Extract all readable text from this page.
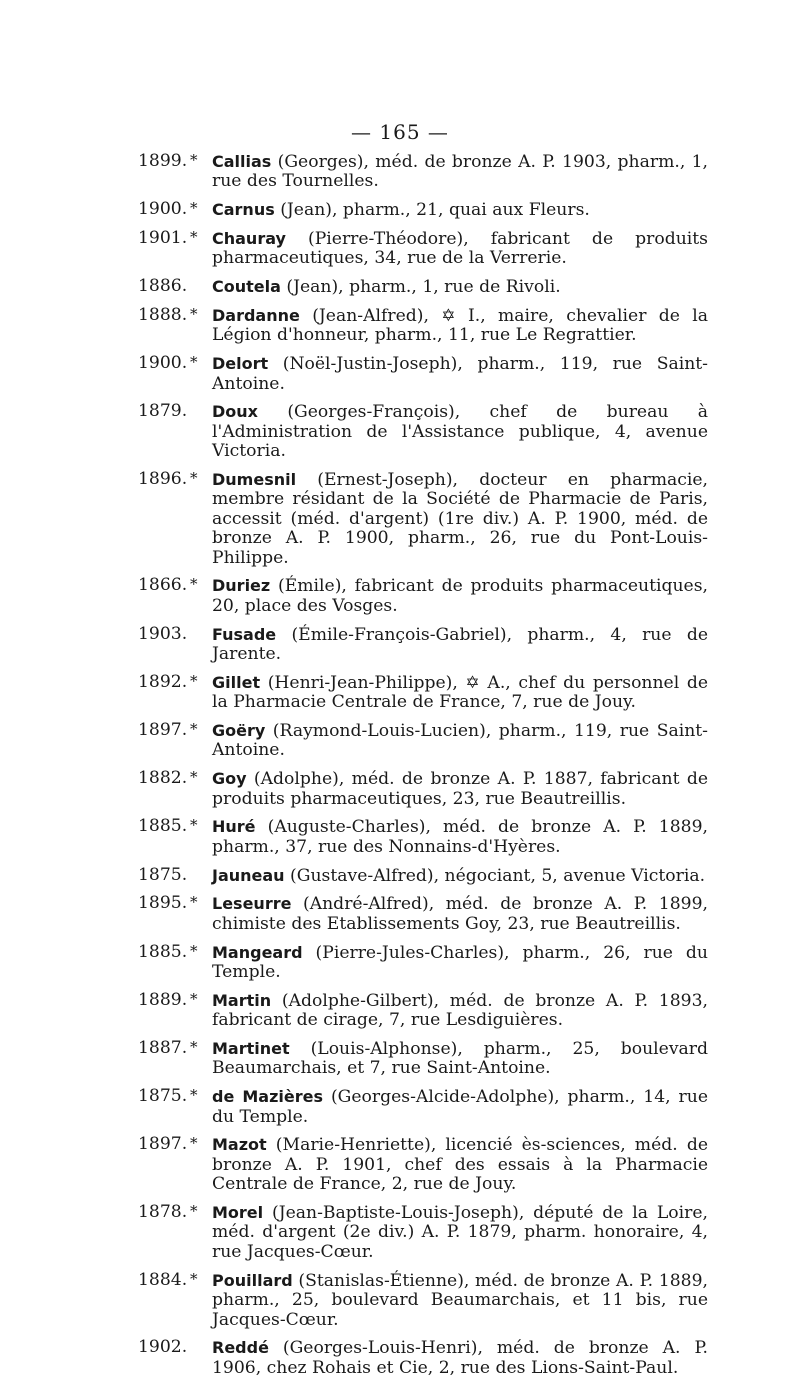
— 165 —
1899. * Callias (Georges), méd. de bronze A. P. 1903, pharm., 1, rue des Tournelles.
1900. * Carnus (Jean), pharm., 21, quai aux Fleurs.
1901. * Chauray (Pierre-Théodore), fabricant de produits pharmaceutiques, 34, rue de la Verrerie.
1886. Coutela (Jean), pharm., 1, rue de Rivoli.
1888. * Dardanne (Jean-Alfred), ✡ I., maire, chevalier de la Légion d'honneur, pharm., 11, rue Le Regrattier.
1900. * Delort (Noël-Justin-Joseph), pharm., 119, rue Saint-Antoine.
1879. Doux (Georges-François), chef de bureau à l'Administration de l'Assistance publique, 4, avenue Victoria.
1896. * Dumesnil (Ernest-Joseph), docteur en pharmacie, membre résidant de la Société de Pharmacie de Paris, accessit (méd. d'argent) (1re div.) A. P. 1900, méd. de bronze A. P. 1900, pharm., 26, rue du Pont-Louis-Philippe.
1866. * Duriez (Émile), fabricant de produits pharmaceutiques, 20, place des Vosges.
1903. Fusade (Émile-François-Gabriel), pharm., 4, rue de Jarente.
1892. * Gillet (Henri-Jean-Philippe), ✡ A., chef du personnel de la Pharmacie Centrale de France, 7, rue de Jouy.
1897. * Goëry (Raymond-Louis-Lucien), pharm., 119, rue Saint-Antoine.
1882. * Goy (Adolphe), méd. de bronze A. P. 1887, fabricant de produits pharmaceutiques, 23, rue Beautreillis.
1885. * Huré (Auguste-Charles), méd. de bronze A. P. 1889, pharm., 37, rue des Nonnains-d'Hyères.
1875. Jauneau (Gustave-Alfred), négociant, 5, avenue Victoria.
1895. * Leseurre (André-Alfred), méd. de bronze A. P. 1899, chimiste des Etablissements Goy, 23, rue Beautreillis.
1885. * Mangeard (Pierre-Jules-Charles), pharm., 26, rue du Temple.
1889. * Martin (Adolphe-Gilbert), méd. de bronze A. P. 1893, fabricant de cirage, 7, rue Lesdiguières.
1887. * Martinet (Louis-Alphonse), pharm., 25, boulevard Beaumarchais, et 7, rue Saint-Antoine.
1875. * de Mazières (Georges-Alcide-Adolphe), pharm., 14, rue du Temple.
1897. * Mazot (Marie-Henriette), licencié ès-sciences, méd. de bronze A. P. 1901, chef des essais à la Pharmacie Centrale de France, 2, rue de Jouy.
1878. * Morel (Jean-Baptiste-Louis-Joseph), député de la Loire, méd. d'argent (2e div.) A. P. 1879, pharm. honoraire, 4, rue Jacques-Cœur.
1884. * Pouillard (Stanislas-Étienne), méd. de bronze A. P. 1889, pharm., 25, boulevard Beaumarchais, et 11 bis, rue Jacques-Cœur.
1902. Reddé (Georges-Louis-Henri), méd. de bronze A. P. 1906, chez Rohais et Cie, 2, rue des Lions-Saint-Paul.
